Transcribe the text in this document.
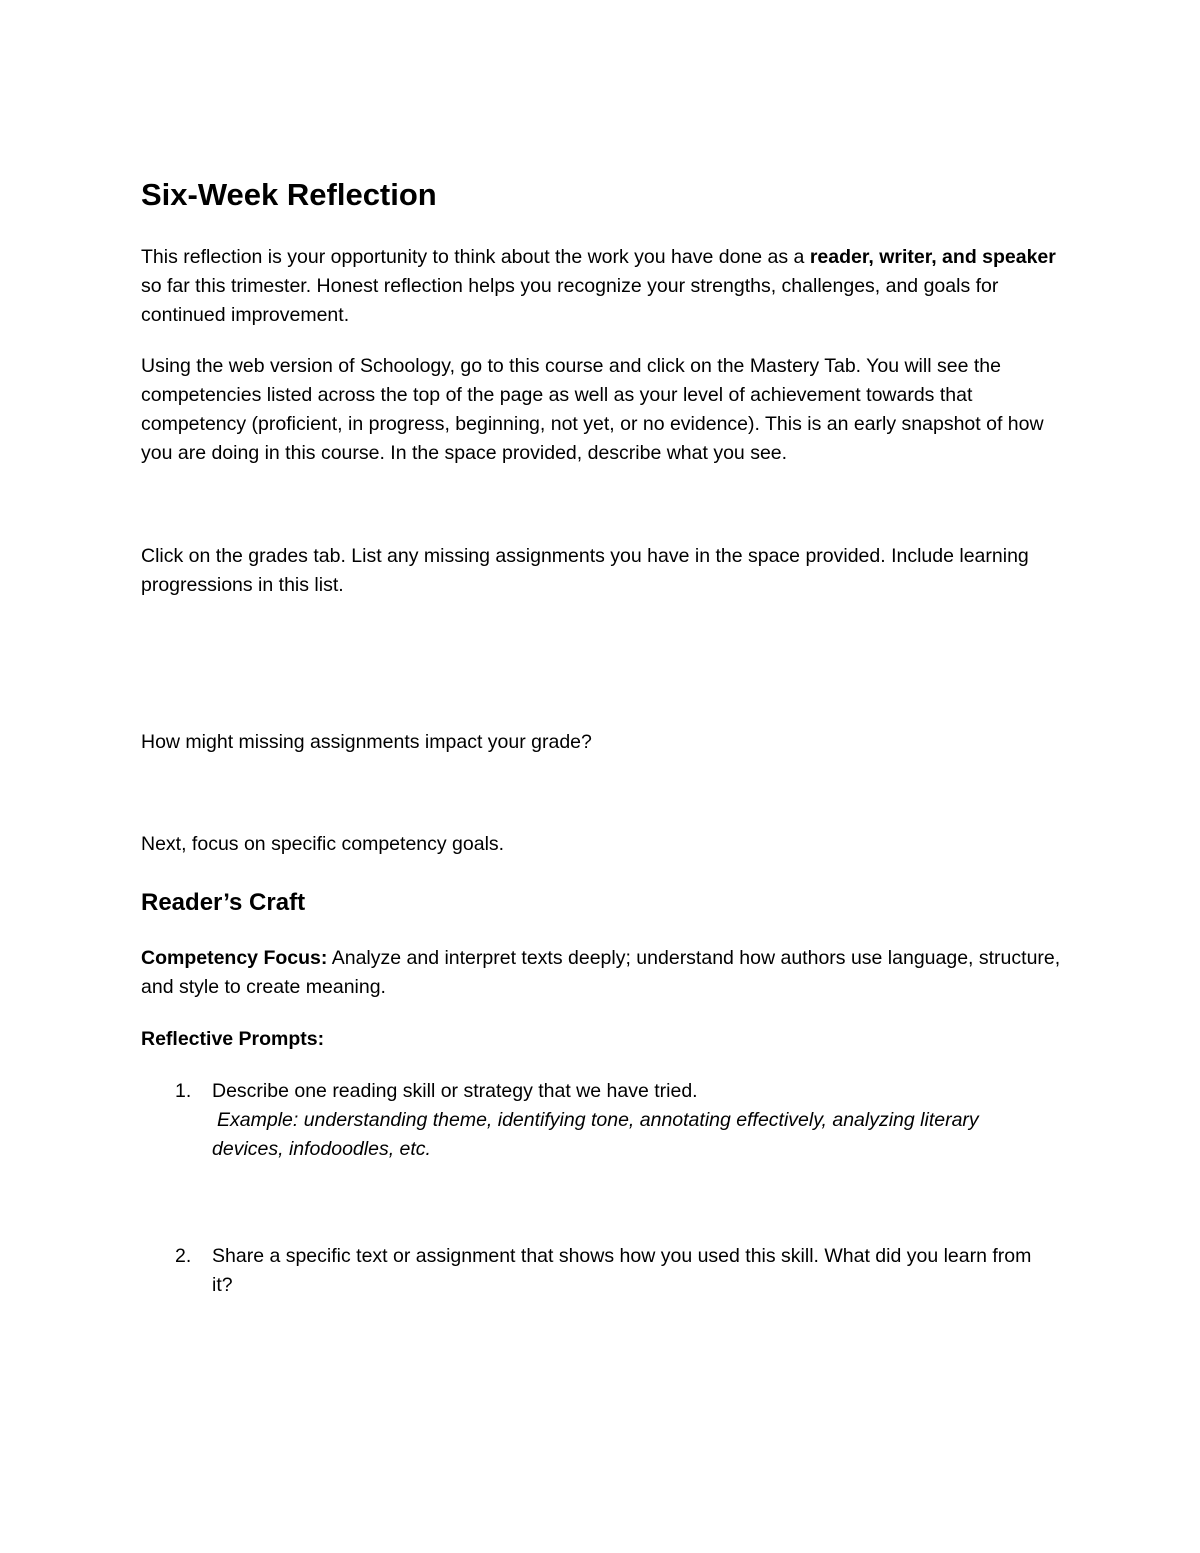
Six-Week Reflection

This reflection is your opportunity to think about the work you have done as a reader, writer, and speaker so far this trimester. Honest reflection helps you recognize your strengths, challenges, and goals for continued improvement.

Using the web version of Schoology, go to this course and click on the Mastery Tab. You will see the competencies listed across the top of the page as well as your level of achievement towards that competency (proficient, in progress, beginning, not yet, or no evidence). This is an early snapshot of how you are doing in this course. In the space provided, describe what you see.

Click on the grades tab. List any missing assignments you have in the space provided. Include learning progressions in this list.

How might missing assignments impact your grade?

Next, focus on specific competency goals.

Reader’s Craft

Competency Focus: Analyze and interpret texts deeply; understand how authors use language, structure, and style to create meaning.

Reflective Prompts:

1. Describe one reading skill or strategy that we have tried.
Example: understanding theme, identifying tone, annotating effectively, analyzing literary devices, infodoodles, etc.
2. Share a specific text or assignment that shows how you used this skill. What did you learn from it?
